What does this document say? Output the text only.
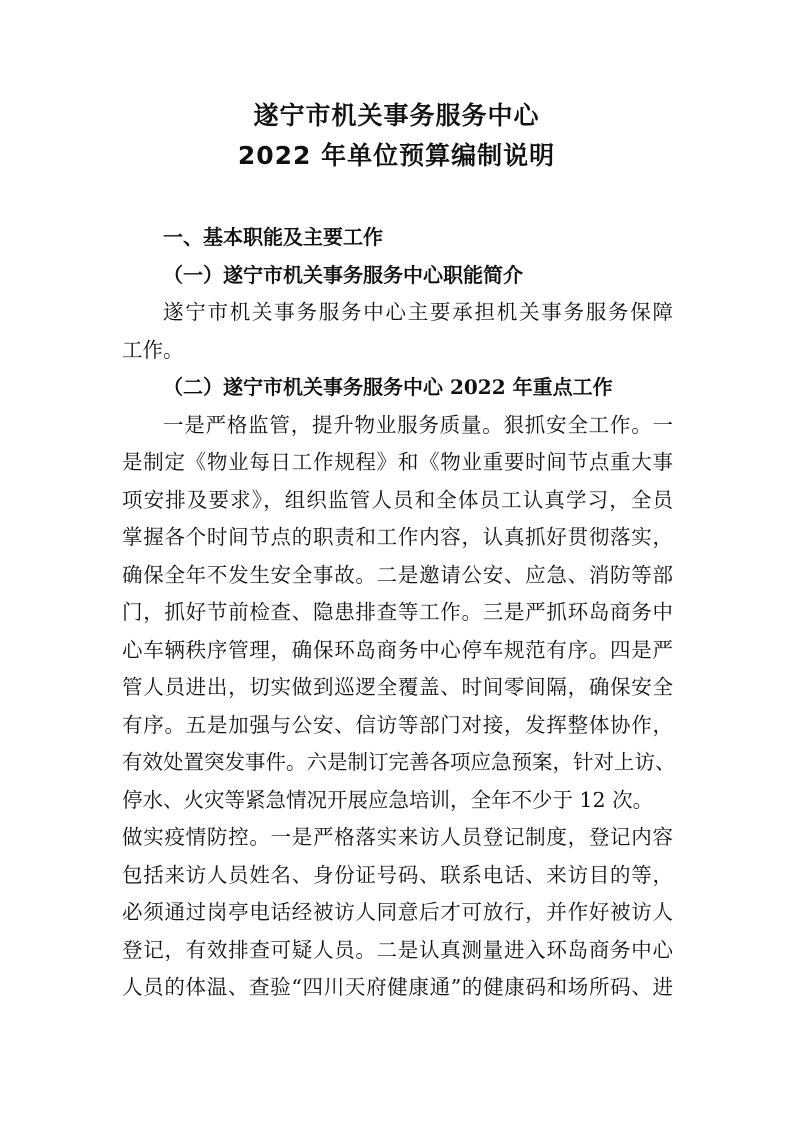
遂宁市机关事务服务中心
2022 年单位预算编制说明
一、基本职能及主要工作
（一）遂宁市机关事务服务中心职能简介
遂宁市机关事务服务中心主要承担机关事务服务保障
工作。
（二）遂宁市机关事务服务中心 2022 年重点工作
一是严格监管，提升物业服务质量。狠抓安全工作。一
是制定《物业每日工作规程》和《物业重要时间节点重大事
项安排及要求》，组织监管人员和全体员工认真学习，全员
掌握各个时间节点的职责和工作内容，认真抓好贯彻落实，
确保全年不发生安全事故。二是邀请公安、应急、消防等部
门，抓好节前检查、隐患排查等工作。三是严抓环岛商务中
心车辆秩序管理，确保环岛商务中心停车规范有序。四是严
管人员进出，切实做到巡逻全覆盖、时间零间隔，确保安全
有序。五是加强与公安、信访等部门对接，发挥整体协作，
有效处置突发事件。六是制订完善各项应急预案，针对上访、
停水、火灾等紧急情况开展应急培训，全年不少于 12 次。
做实疫情防控。一是严格落实来访人员登记制度，登记内容
包括来访人员姓名、身份证号码、联系电话、来访目的等，
必须通过岗亭电话经被访人同意后才可放行，并作好被访人
登记，有效排查可疑人员。二是认真测量进入环岛商务中心
人员的体温、查验“四川天府健康通”的健康码和场所码、进
